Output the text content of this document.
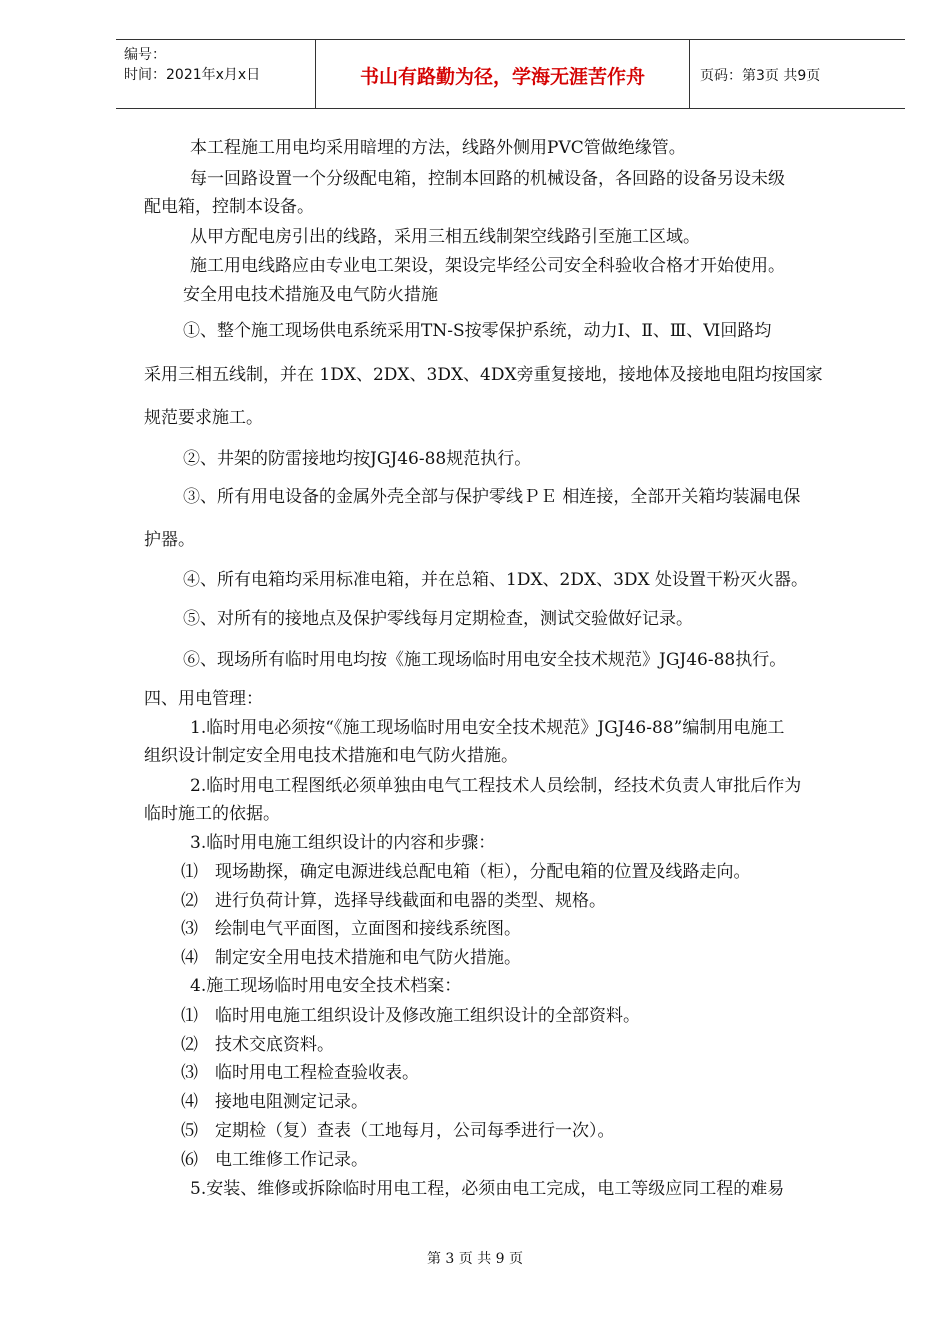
编号：
时间：2021年x月x日	书山有路勤为径，学海无涯苦作舟	页码：第3页 共9页
本工程施工用电均采用暗埋的方法，线路外侧用PVC管做绝缘管。
每一回路设置一个分级配电箱，控制本回路的机械设备，各回路的设备另设未级
配电箱，控制本设备。
从甲方配电房引出的线路，采用三相五线制架空线路引至施工区域。
施工用电线路应由专业电工架设，架设完毕经公司安全科验收合格才开始使用。
安全用电技术措施及电气防火措施
①、整个施工现场供电系统采用TN-S按零保护系统，动力Ⅰ、Ⅱ、Ⅲ、Ⅵ回路均
采用三相五线制，并在 1DX、2DX、3DX、4DX旁重复接地，接地体及接地电阻均按国家
规范要求施工。
②、井架的防雷接地均按JGJ46-88规范执行。
③、所有用电设备的金属外壳全部与保护零线ＰＥ 相连接，全部开关箱均装漏电保
护器。
④、所有电箱均采用标准电箱，并在总箱、1DX、2DX、3DX 处设置干粉灭火器。
⑤、对所有的接地点及保护零线每月定期检查，测试交验做好记录。
⑥、现场所有临时用电均按《施工现场临时用电安全技术规范》JGJ46-88执行。
四、用电管理：
1.临时用电必须按“《施工现场临时用电安全技术规范》JGJ46-88”编制用电施工
组织设计制定安全用电技术措施和电气防火措施。
2.临时用电工程图纸必须单独由电气工程技术人员绘制，经技术负责人审批后作为
临时施工的依据。
3.临时用电施工组织设计的内容和步骤：
⑴　现场勘探，确定电源进线总配电箱（柜），分配电箱的位置及线路走向。
⑵　进行负荷计算，选择导线截面和电器的类型、规格。
⑶　绘制电气平面图，立面图和接线系统图。
⑷　制定安全用电技术措施和电气防火措施。
4.施工现场临时用电安全技术档案：
⑴　临时用电施工组织设计及修改施工组织设计的全部资料。
⑵　技术交底资料。
⑶　临时用电工程检查验收表。
⑷　接地电阻测定记录。
⑸　定期检（复）查表（工地每月，公司每季进行一次）。
⑹　电工维修工作记录。
5.安装、维修或拆除临时用电工程，必须由电工完成，电工等级应同工程的难易
第 3 页 共 9 页
